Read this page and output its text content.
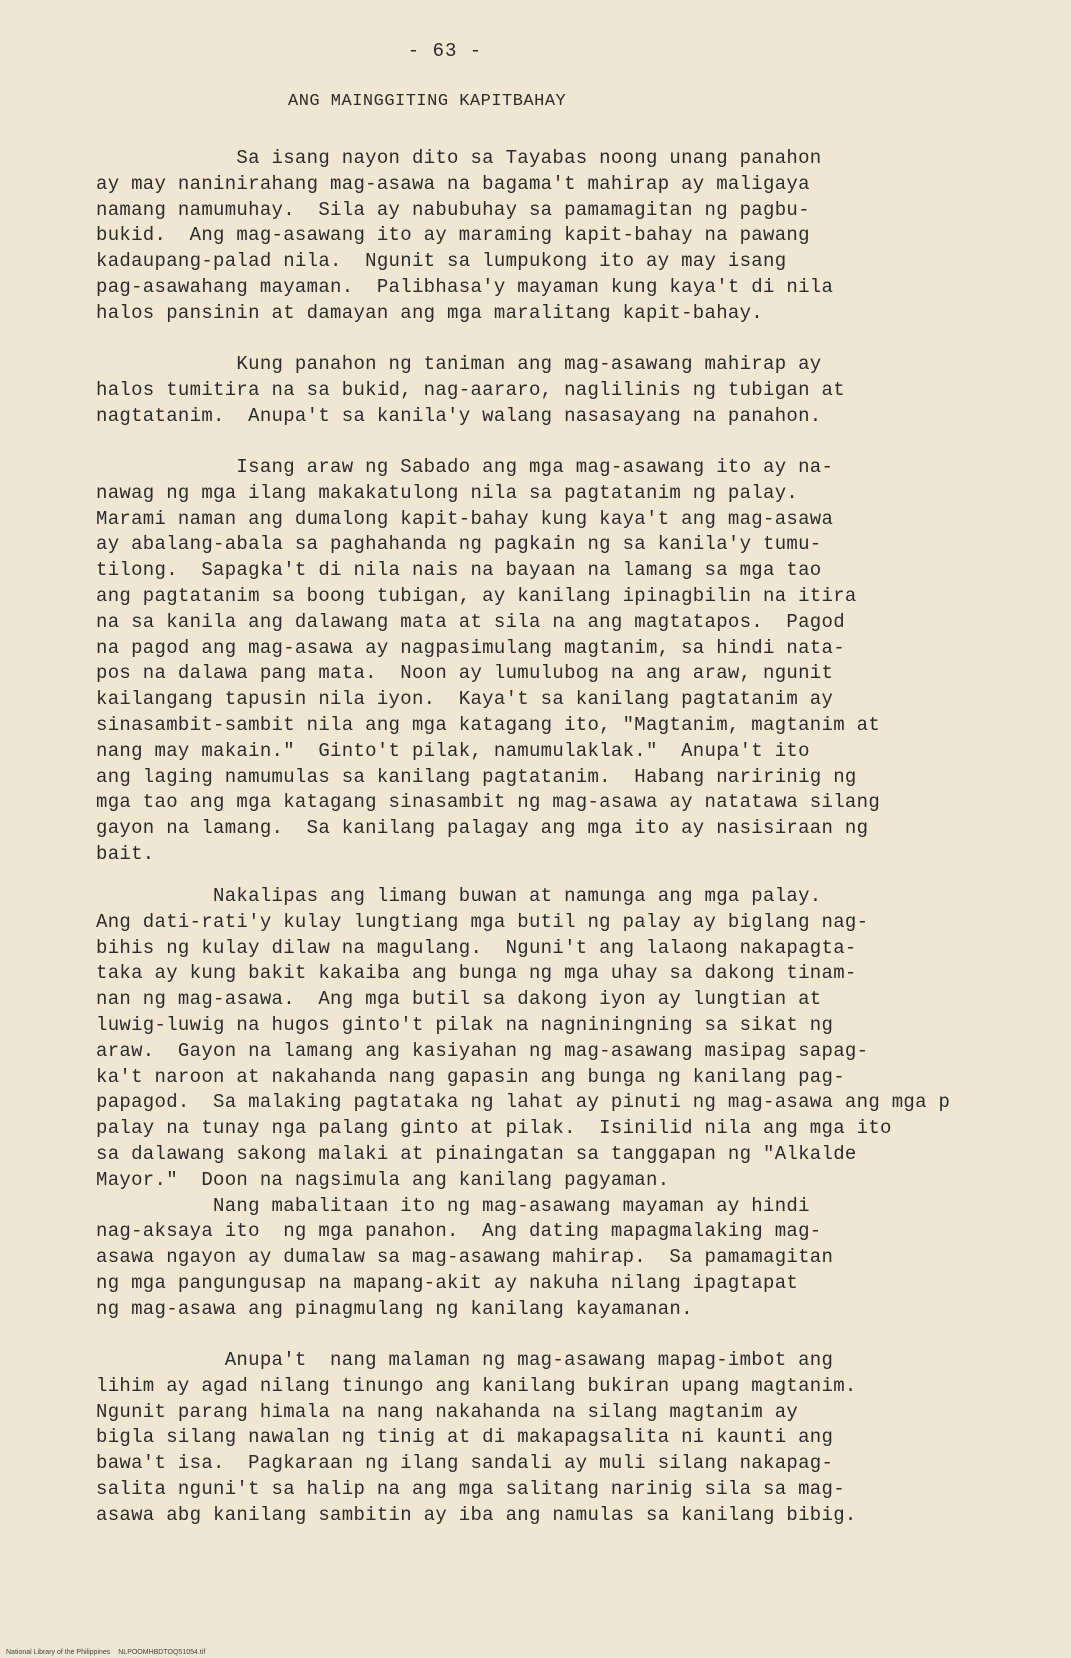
- 63 -
ANG MAINGGITING KAPITBAHAY
Sa isang nayon dito sa Tayabas noong unang panahon
ay may naninirahang mag-asawa na bagama't mahirap ay maligaya
namang namumuhay.  Sila ay nabubuhay sa pamamagitan ng pagbu-
bukid.  Ang mag-asawang ito ay maraming kapit-bahay na pawang
kadaupang-palad nila.  Ngunit sa lumpukong ito ay may isang
pag-asawahang mayaman.  Palibhasa'y mayaman kung kaya't di nila
halos pansinin at damayan ang mga maralitang kapit-bahay.
Kung panahon ng taniman ang mag-asawang mahirap ay
halos tumitira na sa bukid, nag-aararo, naglilinis ng tubigan at
nagtatanim.  Anupa't sa kanila'y walang nasasayang na panahon.
Isang araw ng Sabado ang mga mag-asawang ito ay na-
nawag ng mga ilang makakatulong nila sa pagtatanim ng palay.
Marami naman ang dumalong kapit-bahay kung kaya't ang mag-asawa
ay abalang-abala sa paghahanda ng pagkain ng sa kanila'y tumu-
tilong.  Sapagka't di nila nais na bayaan na lamang sa mga tao
ang pagtatanim sa boong tubigan, ay kanilang ipinagbilin na itira
na sa kanila ang dalawang mata at sila na ang magtatapos.  Pagod
na pagod ang mag-asawa ay nagpasimulang magtanim, sa hindi nata-
pos na dalawa pang mata.  Noon ay lumulubog na ang araw, ngunit
kailangang tapusin nila iyon.  Kaya't sa kanilang pagtatanim ay
sinasambit-sambit nila ang mga katagang ito, "Magtanim, magtanim at
nang may makain."  Ginto't pilak, namumulaklak."  Anupa't ito
ang laging namumulas sa kanilang pagtatanim.  Habang naririnig ng
mga tao ang mga katagang sinasambit ng mag-asawa ay natatawa silang
gayon na lamang.  Sa kanilang palagay ang mga ito ay nasisiraan ng
bait.
Nakalipas ang limang buwan at namunga ang mga palay.
Ang dati-rati'y kulay lungtiang mga butil ng palay ay biglang nag-
bihis ng kulay dilaw na magulang.  Nguni't ang lalaong nakapagta-
taka ay kung bakit kakaiba ang bunga ng mga uhay sa dakong tinam-
nan ng mag-asawa.  Ang mga butil sa dakong iyon ay lungtian at
luwig-luwig na hugos ginto't pilak na nagniningning sa sikat ng
araw.  Gayon na lamang ang kasiyahan ng mag-asawang masipag sapag-
ka't naroon at nakahanda nang gapasin ang bunga ng kanilang pag-
papagod.  Sa malaking pagtataka ng lahat ay pinuti ng mag-asawa ang mga p
palay na tunay nga palang ginto at pilak.  Isinilid nila ang mga ito
sa dalawang sakong malaki at pinaingatan sa tanggapan ng "Alkalde
Mayor."  Doon na nagsimula ang kanilang pagyaman.
Nang mabalitaan ito ng mag-asawang mayaman ay hindi
nag-aksaya ito  ng mga panahon.  Ang dating mapagmalaking mag-
asawa ngayon ay dumalaw sa mag-asawang mahirap.  Sa pamamagitan
ng mga pangungusap na mapang-akit ay nakuha nilang ipagtapat
ng mag-asawa ang pinagmulang ng kanilang kayamanan.
Anupa't  nang malaman ng mag-asawang mapag-imbot ang
lihim ay agad nilang tinungo ang kanilang bukiran upang magtanim.
Ngunit parang himala na nang nakahanda na silang magtanim ay
bigla silang nawalan ng tinig at di makapagsalita ni kaunti ang
bawa't isa.  Pagkaraan ng ilang sandali ay muli silang nakapag-
salita nguni't sa halip na ang mga salitang narinig sila sa mag-
asawa abg kanilang sambitin ay iba ang namulas sa kanilang bibig.
National Library of the Philippines NLPOOMHBDTOQ51054.tif
